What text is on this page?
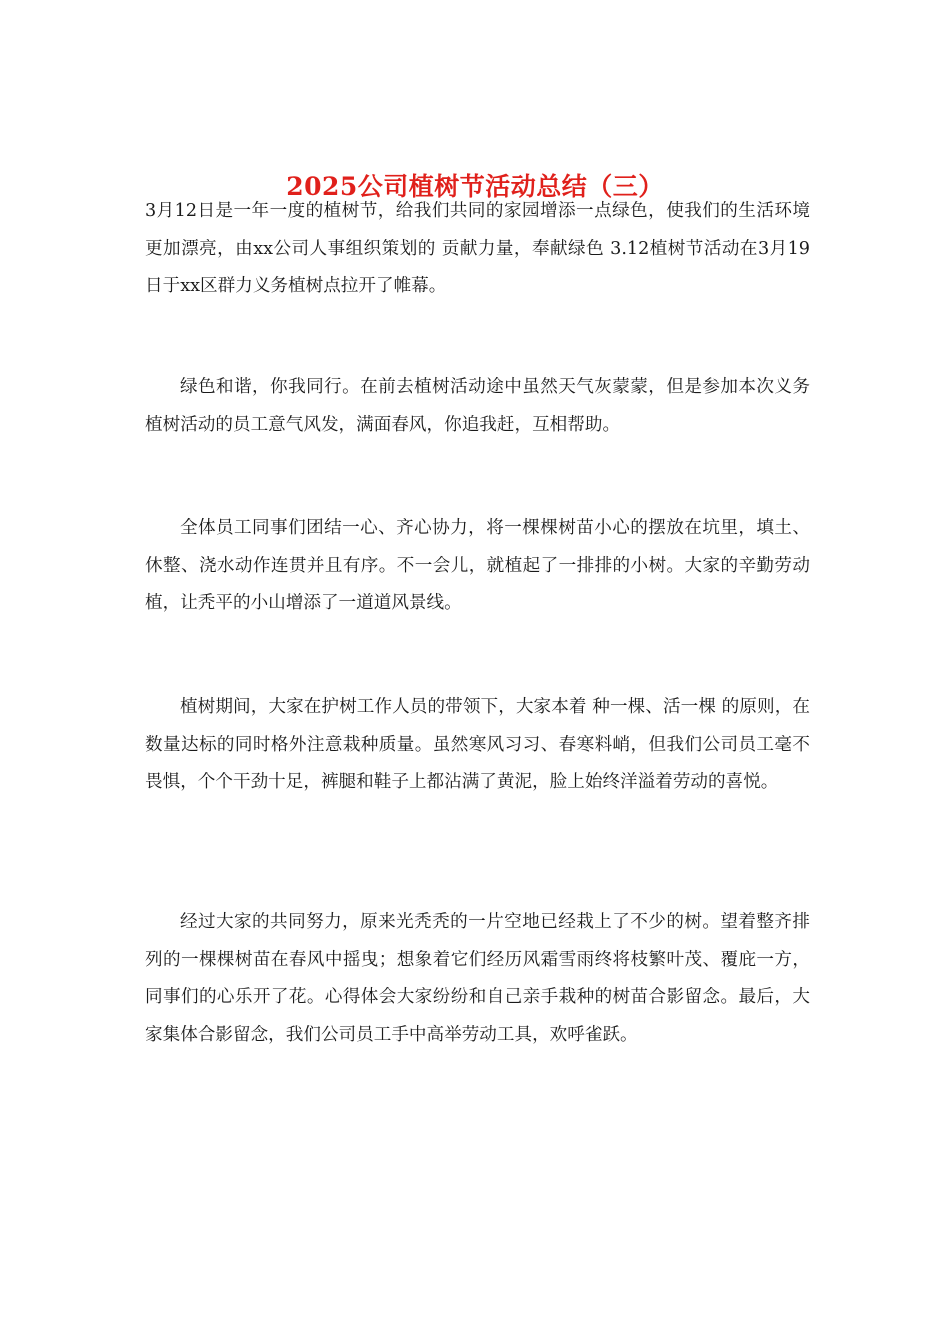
2025公司植树节活动总结（三）

3月12日是一年一度的植树节，给我们共同的家园增添一点绿色，使我们的生活环境更加漂亮，由xx公司人事组织策划的 贡献力量，奉献绿色 3.12植树节活动在3月19日于xx区群力义务植树点拉开了帷幕。

绿色和谐，你我同行。在前去植树活动途中虽然天气灰蒙蒙，但是参加本次义务植树活动的员工意气风发，满面春风，你追我赶，互相帮助。

全体员工同事们团结一心、齐心协力，将一棵棵树苗小心的摆放在坑里，填土、休整、浇水动作连贯并且有序。不一会儿，就植起了一排排的小树。大家的辛勤劳动植，让秃平的小山增添了一道道风景线。

植树期间，大家在护树工作人员的带领下，大家本着 种一棵、活一棵 的原则，在数量达标的同时格外注意栽种质量。虽然寒风习习、春寒料峭，但我们公司员工毫不畏惧，个个干劲十足，裤腿和鞋子上都沾满了黄泥，脸上始终洋溢着劳动的喜悦。

经过大家的共同努力，原来光秃秃的一片空地已经栽上了不少的树。望着整齐排列的一棵棵树苗在春风中摇曳；想象着它们经历风霜雪雨终将枝繁叶茂、覆庇一方，同事们的心乐开了花。心得体会大家纷纷和自己亲手栽种的树苗合影留念。最后，大家集体合影留念，我们公司员工手中高举劳动工具，欢呼雀跃。
